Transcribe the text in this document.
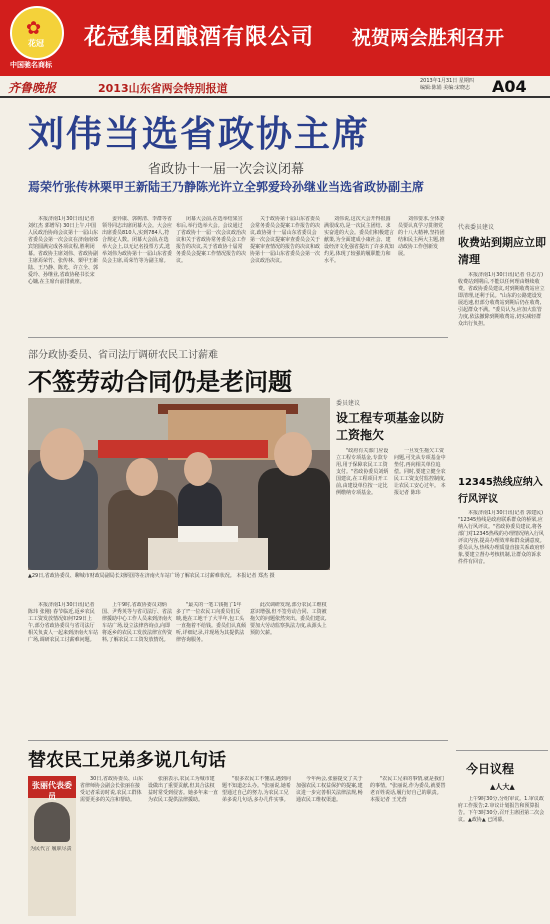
✿
花冠
中国驰名商标
花冠集团酿酒有限公司 祝贺两会胜利召开
齐鲁晚报	2013山东省两会特别报道
2013年1月31日 星期四
编辑:陈娟 美编:宋晓志	A04
刘伟当选省政协主席
省政协十一届一次会议闭幕
焉荣竹张传林栗甲王新陆王乃静陈光许立全郭爱玲孙继业当选省政协副主席

本报济南1月30日讯(记者刘红杰 郭增军) 30日上午,中国人民政治协商会议第十一届山东省委员会第一次会议在济南南郊宾馆圆满完成各项议程,胜利闭幕。省政协主席刘伟、省政协副主席焉荣竹、张传林、栗甲王新陆、王乃静、陈光、许立全、郭爱玲、孙继业,省政协秘书长宋心镛,在主席台前排就座。

姜异康、郭树清、李群等省领导同志出席闭幕大会。大会应出席委员810人,实到784人,符合规定人数。闭幕大会前,在选举大会上,以无记名投票方式,选举刘伟为政协第十一届山东省委员会主席,焉荣竹等为副主席。

闭幕大会前,在选举结果宣布后,举行选举大会。会议通过了省政协十一届一次会议政治决议和关于省政协常务委员会工作报告的决议,关于省政协十届常务委员会提案工作情况报告的决议。

关于政协第十届山东省委员会常务委员会提案工作报告的决议,政协第十一届山东省委员会第一次会议提案审查委员会关于提案审查情况的报告的决议和政协第十一届山东省委员会第一次会议政治决议。

刘伟说,这次大会开得很圆满很成功,是一次民主团结、求实奋进的大会。委员们积极建言献策,为全面建成小康社会、建设经济文化强省提出了许多真知灼见,体现了较强的履职能力和水平。

刘伟要求,全体委员要认真学习贯彻党的十八大精神,坚持团结和民主两大主题,推动政协工作创新发展。

代表委员建议
收费站到期应立即清理

本报济南1月30日讯(记者 任志方) 收费站到期后,不能以任何理由继续收费。省政协委员建议,对到期收费站应立即清理,还利于民。"山东的公路建设发展迅速,但部分收费站到期后仍在收费,引起群众不满。"委员认为,应加大监管力度,依法撤除到期收费站,切实减轻群众出行负担。

12345热线应纳入行风评议

本报济南1月30日讯(记者 郭建民) "12345热线是政府联系群众的桥梁,应纳入行风评议。"省政协委员建议,将各部门对12345热线的办理情况纳入行风评议内容,提高办理效率和群众满意度。委员认为,热线办理质量直接关系政府形象,要建立督办考核机制,让群众的诉求件件有回音。

今日议程
▲人大▲

上午9时30分,分组审议。1.审议政府工作报告;2.审议计划报告和预算报告。下午3时30分,召开主席团第二次会议。▲政协▲ 已闭幕。

部分政协委员、省司法厅调研农民工讨薪难
不签劳动合同仍是老问题
▲29日,省政协委员、聊城市财政局副局长刘炳国等在济南火车站广场了解农民工讨薪难状况。 本报记者 郑杰 摄

本报济南1月30日讯(记者 陈玮 张刚) 春节临近,返乡农民工工资发放情况如何?29日上午,部分省政协委员与省司法厅相关负责人一起来到济南火车站广场,调研农民工讨薪难问题。

上午9时,省政协委员刘炳国、尹秀英等与省司法厅、省法律援助中心工作人员来到济南火车站广场,设立法律咨询点,向即将返乡的农民工发放法律宣传资料,了解农民工工资发放情况。

"最关的一笔工钱拖了1年多了!"一位农民工向委员们反映,他在工地干了大半年,包工头一直拖着不给钱。委员们认真倾听,详细记录,并现场为其提供法律咨询服务。

此次调研发现,部分农民工维权意识增强,但不签劳动合同、工资被拖欠的问题依然突出。委员们建议,要加大劳动监察执法力度,从源头上预防欠薪。

委员建议
设工程专项基金以防工资拖欠

"政府有关部门应设立工程专项基金,专款专用,用于保障农民工工资支付。"省政协委员刘炳国建议,在工程项目开工前,由建设单位按一定比例缴纳专项基金。

一旦发生拖欠工资问题,可先从专项基金中垫付,再向相关单位追偿。同时,要建立健全农民工工资支付监控制度,让农民工安心过年。 本报记者 陈玮

替农民工兄弟多说几句话
张丽代表委员
为民代言 履职尽责

30日,省政协委员、山东省律师协会副会长张丽在接受记者采访时说,农民工群体需要更多的关注和帮助。

张丽表示,农民工为城市建设做出了重要贡献,但其合法权益时常受到侵害。她多年来一直为农民工提供法律援助。

"很多农民工不懂法,遇到问题不知道怎么办。"张丽说,她希望通过自己的努力,为农民工兄弟多说几句话,多办几件实事。

今年两会,张丽提交了关于加强农民工权益保护的提案,建议进一步完善相关法律法规,畅通农民工维权渠道。

"农民工兄弟的事情,就是我们的事情。"张丽说,作为委员,就要替老百姓说话,履行好自己的职责。 本报记者 王光营
